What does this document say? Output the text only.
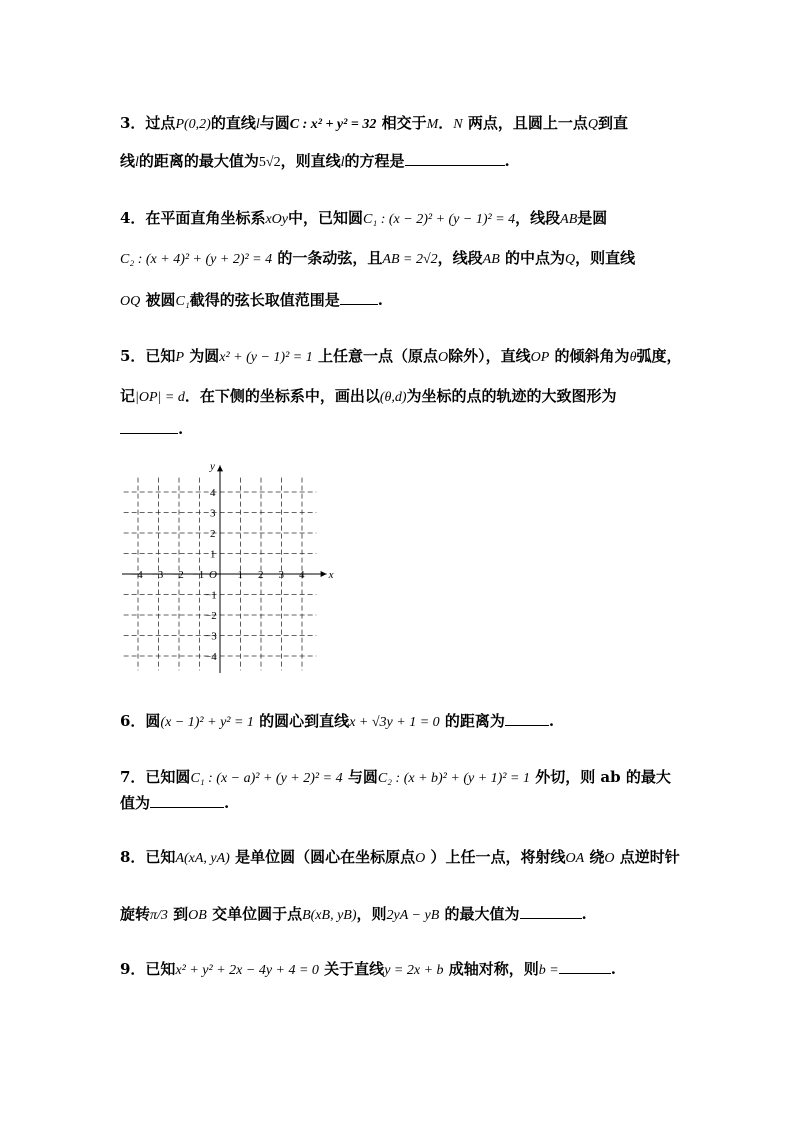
3．过点P(0,2)的直线l与圆C : x² + y² = 32 相交于M．N 两点，且圆上一点Q到直
线l的距离的最大值为5√2，则直线l的方程是	.
4．在平面直角坐标系xOy中，已知圆C₁ : (x − 2)² + (y − 1)² = 4，线段AB是圆
C₂ : (x + 4)² + (y + 2)² = 4 的一条动弦，且AB = 2√2，线段AB 的中点为Q，则直线
OQ 被圆C₁截得的弦长取值范围是	.
5．已知P 为圆x² + (y − 1)² = 1 上任意一点（原点O除外），直线OP 的倾斜角为θ弧度，
记|OP| = d．在下侧的坐标系中，画出以(θ,d)为坐标的点的轨迹的大致图形为
.
x
y
O
−4 −3 −2 −1	1 2 3 4
4
3
2
1
−1
−2
−3
−4
6．圆(x − 1)² + y² = 1 的圆心到直线x + √3y + 1 = 0 的距离为	.
7．已知圆C₁ : (x − a)² + (y + 2)² = 4 与圆C₂ : (x + b)² + (y + 1)² = 1 外切，则 ab 的最大
值为	.
8．已知A(xA, yA) 是单位圆（圆心在坐标原点O ）上任一点，将射线OA 绕O 点逆时针
旋转π/3 到OB 交单位圆于点B(xB, yB)，则2yA − yB 的最大值为	.
9．已知x² + y² + 2x − 4y + 4 = 0 关于直线y = 2x + b 成轴对称，则b =	.
